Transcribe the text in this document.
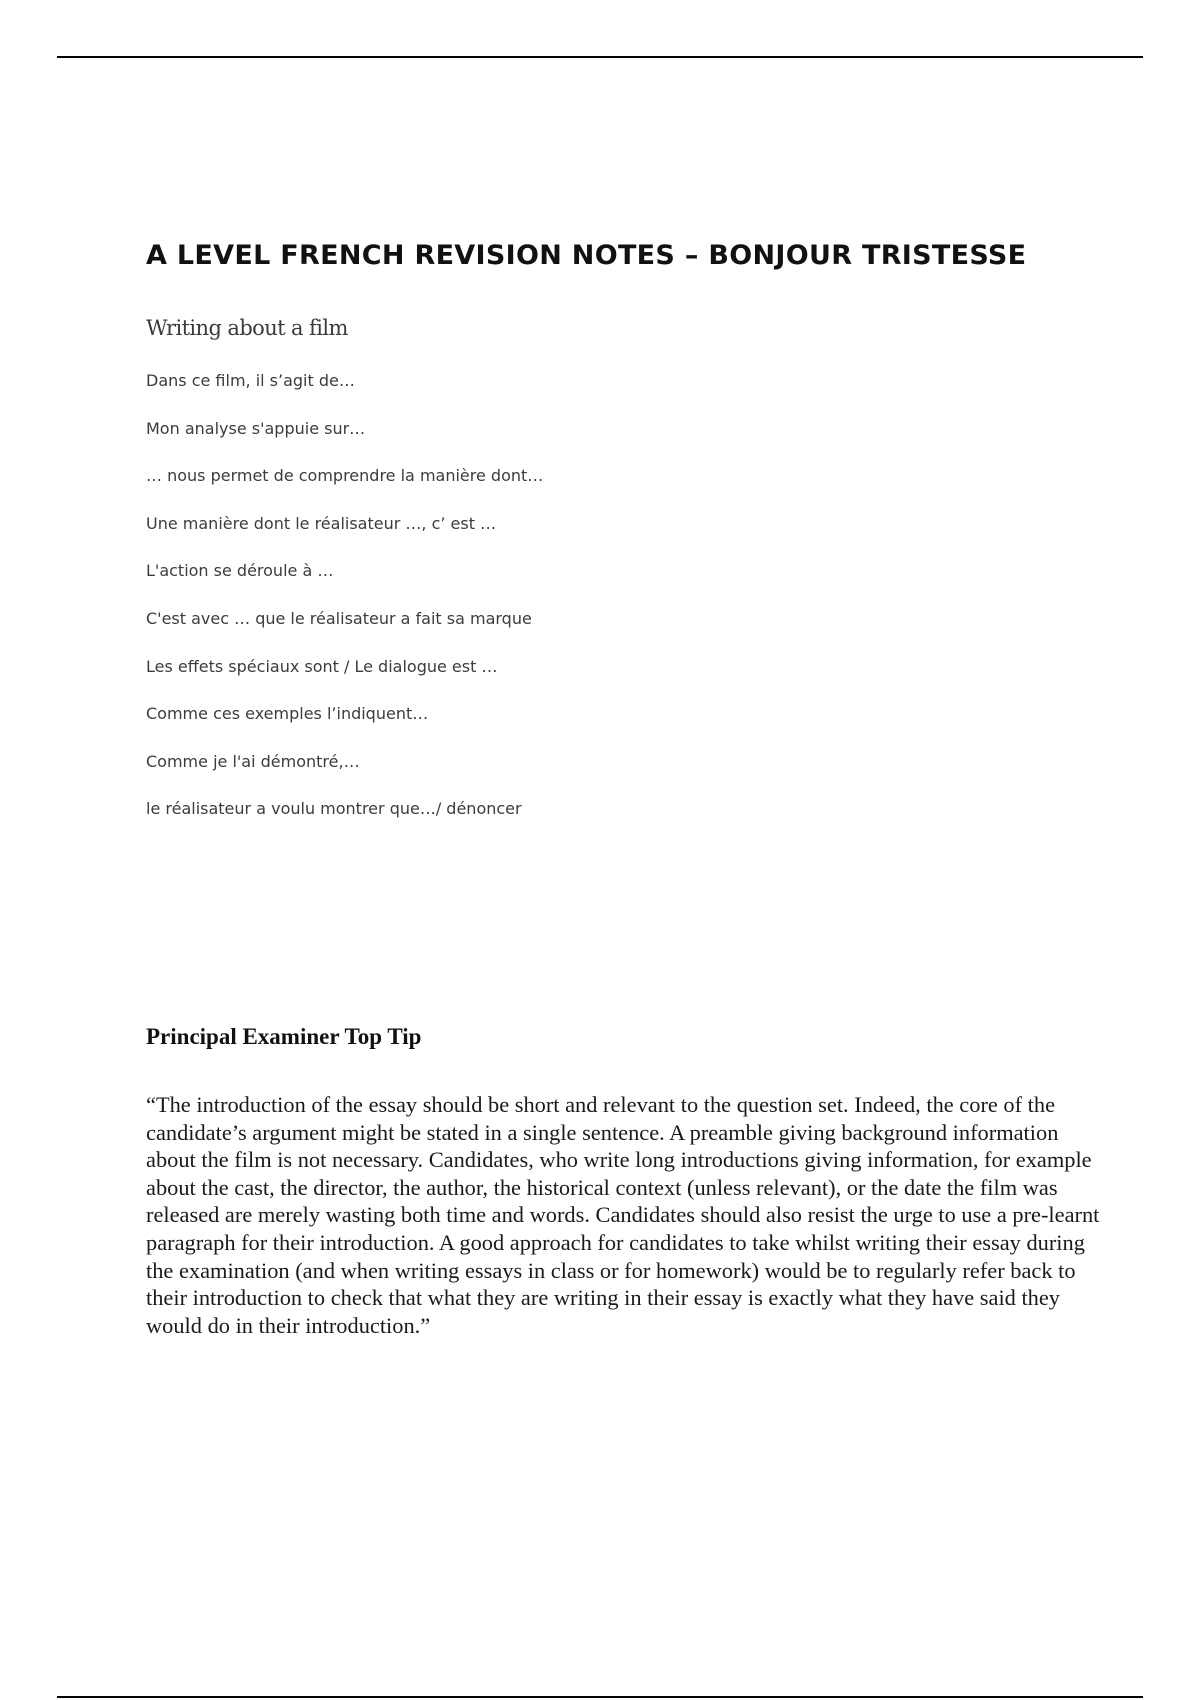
A LEVEL FRENCH REVISION NOTES – BONJOUR TRISTESSE
Writing about a film
Dans ce film, il s’agit de…
Mon analyse s'appuie sur…
… nous permet de comprendre la manière dont…
Une manière dont le réalisateur …, c’ est …
L'action se déroule à …
C'est avec … que le réalisateur a fait sa marque
Les effets spéciaux sont / Le dialogue est …
Comme ces exemples l’indiquent…
Comme je l'ai démontré,…
le réalisateur a voulu montrer que…/ dénoncer
Principal Examiner Top Tip

“The introduction of the essay should be short and relevant to the question set. Indeed, the core of the candidate’s argument might be stated in a single sentence. A preamble giving background information about the film is not necessary. Candidates, who write long introductions giving information, for example about the cast, the director, the author, the historical context (unless relevant), or the date the film was released are merely wasting both time and words. Candidates should also resist the urge to use a pre-learnt paragraph for their introduction. A good approach for candidates to take whilst writing their essay during the examination (and when writing essays in class or for homework) would be to regularly refer back to their introduction to check that what they are writing in their essay is exactly what they have said they would do in their introduction.”
